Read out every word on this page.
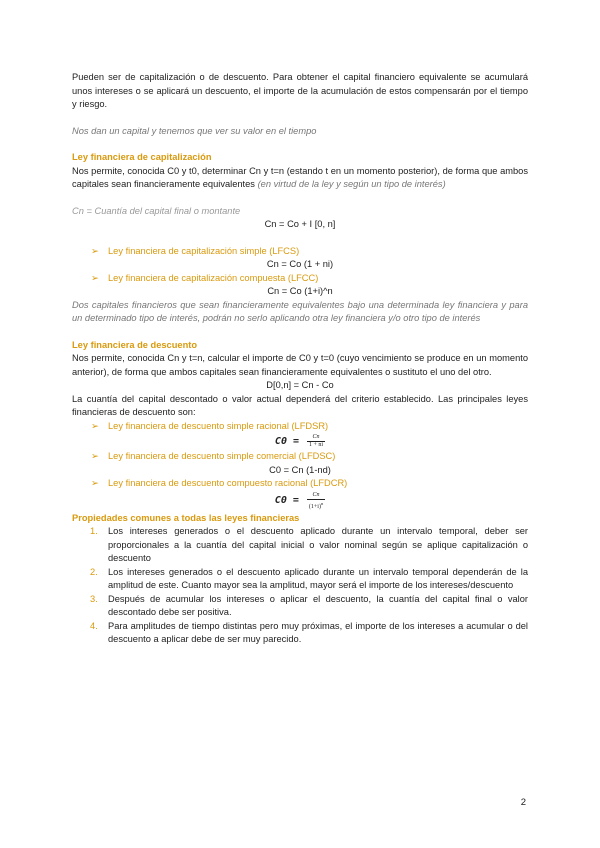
Pueden ser de capitalización o de descuento. Para obtener el capital financiero equivalente se acumulará unos intereses o se aplicará un descuento, el importe de la acumulación de estos compensarán por el tiempo y riesgo.

Nos dan un capital y tenemos que ver su valor en el tiempo

Ley financiera de capitalización

Nos permite, conocida C0 y t0, determinar Cn y t=n (estando t en un momento posterior), de forma que ambos capitales sean financieramente equivalentes (en virtud de la ley y según un tipo de interés)

Cn = Cuantía del capital final o montante

Cn = Co + I [0, n]

➢ Ley financiera de capitalización simple (LFCS)

Cn = Co (1 + ni)

➢ Ley financiera de capitalización compuesta (LFCC)

Cn = Co (1+i)^n

Dos capitales financieros que sean financieramente equivalentes bajo una determinada ley financiera y para un determinado tipo de interés, podrán no serlo aplicando otra ley financiera y/o otro tipo de interés

Ley financiera de descuento

Nos permite, conocida Cn y t=n, calcular el importe de C0 y t=0 (cuyo vencimiento se produce en un momento anterior), de forma que ambos capitales sean financieramente equivalentes o sustituto el uno del otro.

D[0,n] = Cn - Co

La cuantía del capital descontado o valor actual dependerá del criterio establecido. Las principales leyes financieras de descuento son:

➢ Ley financiera de descuento simple racional (LFDSR)

$C0 = \frac{Cn}{1 + ni}$

➢ Ley financiera de descuento simple comercial (LFDSC)

C0 = Cn (1-nd)

➢ Ley financiera de descuento compuesto racional (LFDCR)

$C0 = \frac{Cn}{(1+i)^n}$

Propiedades comunes a todas las leyes financieras

1. Los intereses generados o el descuento aplicado durante un intervalo temporal, deber ser proporcionales a la cuantía del capital inicial o valor nominal según se aplique capitalización o descuento
2. Los intereses generados o el descuento aplicado durante un intervalo temporal dependerán de la amplitud de este. Cuanto mayor sea la amplitud, mayor será el importe de los intereses/descuento
3. Después de acumular los intereses o aplicar el descuento, la cuantía del capital final o valor descontado debe ser positiva.
4. Para amplitudes de tiempo distintas pero muy próximas, el importe de los intereses a acumular o del descuento a aplicar debe de ser muy parecido.
2
